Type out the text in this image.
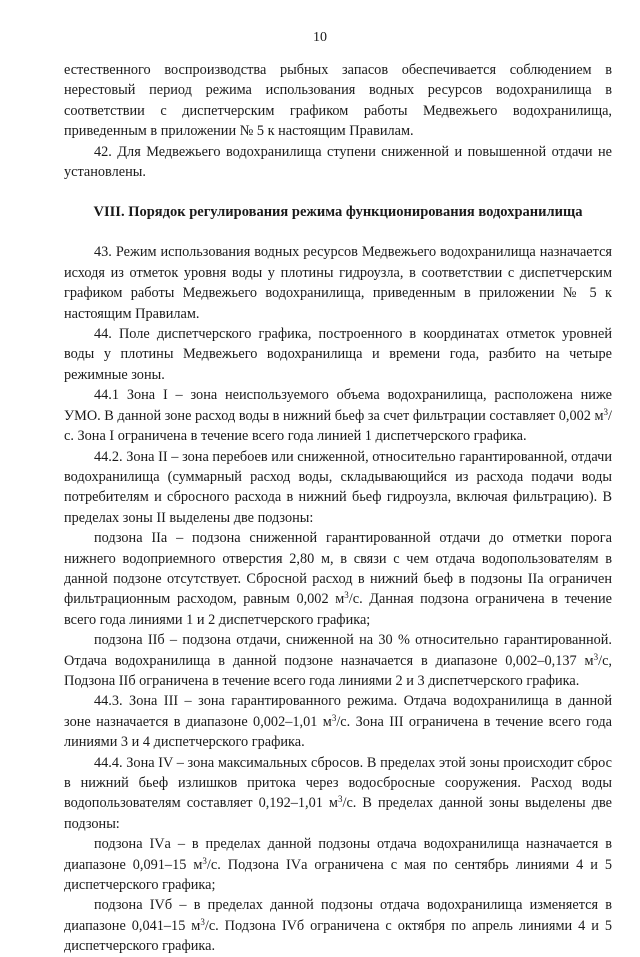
10

естественного воспроизводства рыбных запасов обеспечивается соблюдением в нерестовый период режима использования водных ресурсов водохранилища в соответствии с диспетчерским графиком работы Медвежьего водохранилища, приведенным в приложении № 5 к настоящим Правилам.

42. Для Медвежьего водохранилища ступени сниженной и повышенной отдачи не установлены.

VIII. Порядок регулирования режима функционирования водохранилища

43. Режим использования водных ресурсов Медвежьего водохранилища назначается исходя из отметок уровня воды у плотины гидроузла, в соответствии с диспетчерским графиком работы Медвежьего водохранилища, приведенным в приложении № 5 к настоящим Правилам.

44. Поле диспетчерского графика, построенного в координатах отметок уровней воды у плотины Медвежьего водохранилища и времени года, разбито на четыре режимные зоны.

44.1 Зона I – зона неиспользуемого объема водохранилища, расположена ниже УМО. В данной зоне расход воды в нижний бьеф за счет фильтрации составляет 0,002 $м^3/с$. Зона I ограничена в течение всего года линией 1 диспетчерского графика.

44.2. Зона II – зона перебоев или сниженной, относительно гарантированной, отдачи водохранилища (суммарный расход воды, складывающийся из расхода подачи воды потребителям и сбросного расхода в нижний бьеф гидроузла, включая фильтрацию). В пределах зоны II выделены две подзоны:

подзона IIа – подзона сниженной гарантированной отдачи до отметки порога нижнего водоприемного отверстия 2,80 м, в связи с чем отдача водопользователям в данной подзоне отсутствует. Сбросной расход в нижний бьеф в подзоны IIа ограничен фильтрационным расходом, равным 0,002 $м^3/с$. Данная подзона ограничена в течение всего года линиями 1 и 2 диспетчерского графика;

подзона IIб – подзона отдачи, сниженной на 30 % относительно гарантированной. Отдача водохранилища в данной подзоне назначается в диапазоне 0,002–0,137 $м^3/с$, Подзона IIб ограничена в течение всего года линиями 2 и 3 диспетчерского графика.

44.3. Зона III – зона гарантированного режима. Отдача водохранилища в данной зоне назначается в диапазоне 0,002–1,01 $м^3/с$. Зона III ограничена в течение всего года линиями 3 и 4 диспетчерского графика.

44.4. Зона IV – зона максимальных сбросов. В пределах этой зоны происходит сброс в нижний бьеф излишков притока через водосбросные сооружения. Расход воды водопользователям составляет 0,192–1,01 $м^3/с$. В пределах данной зоны выделены две подзоны:

подзона IVа – в пределах данной подзоны отдача водохранилища назначается в диапазоне 0,091–15 $м^3/с$. Подзона IVа ограничена с мая по сентябрь линиями 4 и 5 диспетчерского графика;

подзона IVб – в пределах данной подзоны отдача водохранилища изменяется в диапазоне 0,041–15 $м^3/с$. Подзона IVб ограничена с октября по апрель линиями 4 и 5 диспетчерского графика.
